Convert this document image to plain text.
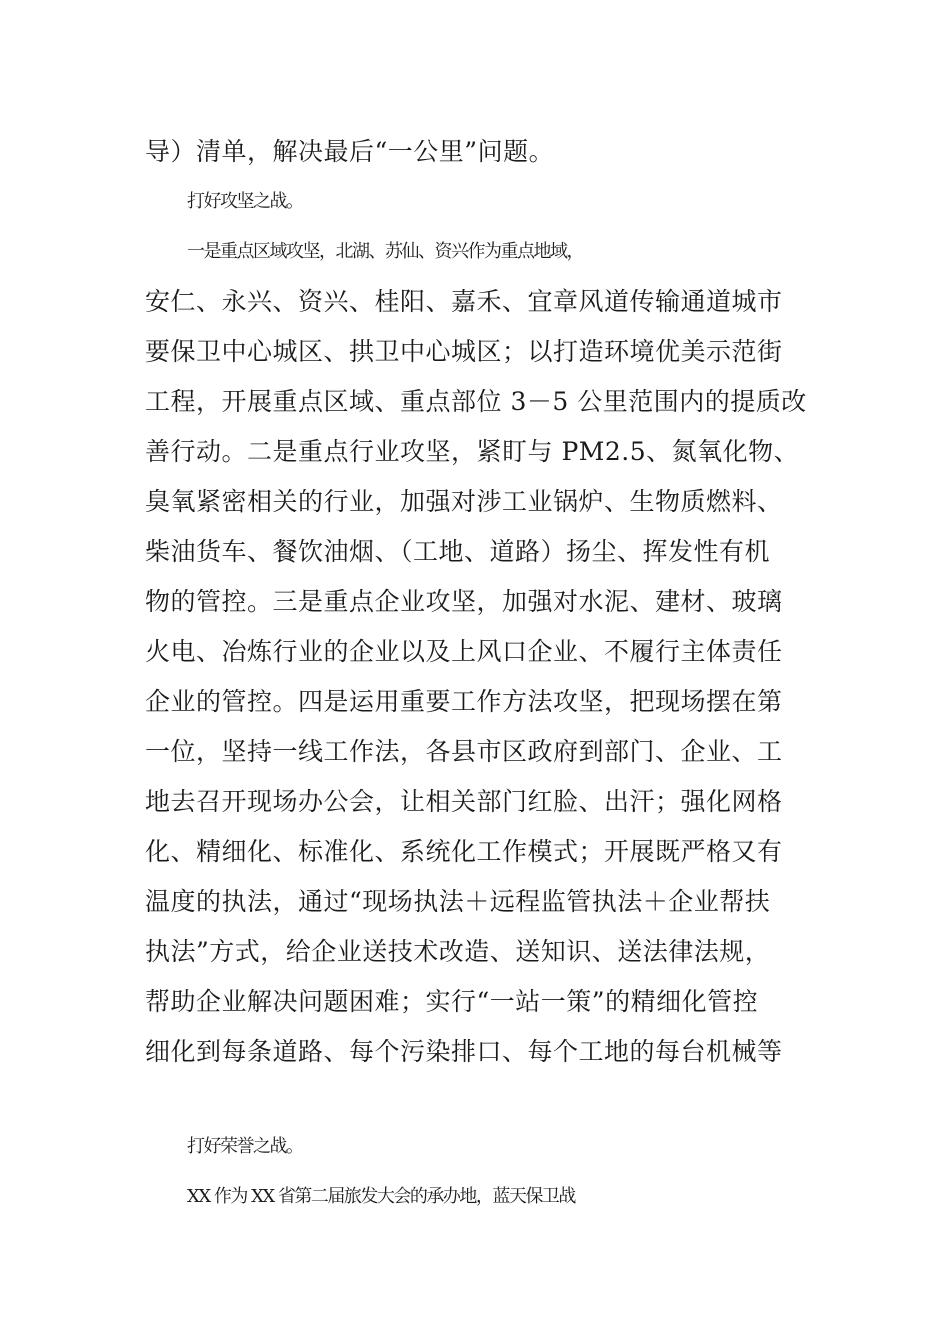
导）清单，解决最后“一公里”问题。
打好攻坚之战。
一是重点区域攻坚，北湖、苏仙、资兴作为重点地域，
安仁、永兴、资兴、桂阳、嘉禾、宜章风道传输通道城市
要保卫中心城区、拱卫中心城区；以打造环境优美示范街
工程，开展重点区域、重点部位 3－5 公里范围内的提质改
善行动。二是重点行业攻坚，紧盯与 PM2.5、氮氧化物、
臭氧紧密相关的行业，加强对涉工业锅炉、生物质燃料、
柴油货车、餐饮油烟、（工地、道路）扬尘、挥发性有机
物的管控。三是重点企业攻坚，加强对水泥、建材、玻璃
火电、冶炼行业的企业以及上风口企业、不履行主体责任
企业的管控。四是运用重要工作方法攻坚，把现场摆在第
一位，坚持一线工作法，各县市区政府到部门、企业、工
地去召开现场办公会，让相关部门红脸、出汗；强化网格
化、精细化、标准化、系统化工作模式；开展既严格又有
温度的执法，通过“现场执法＋远程监管执法＋企业帮扶
执法”方式，给企业送技术改造、送知识、送法律法规，
帮助企业解决问题困难；实行“一站一策”的精细化管控
细化到每条道路、每个污染排口、每个工地的每台机械等
打好荣誉之战。
XX 作为 XX 省第二届旅发大会的承办地，蓝天保卫战
